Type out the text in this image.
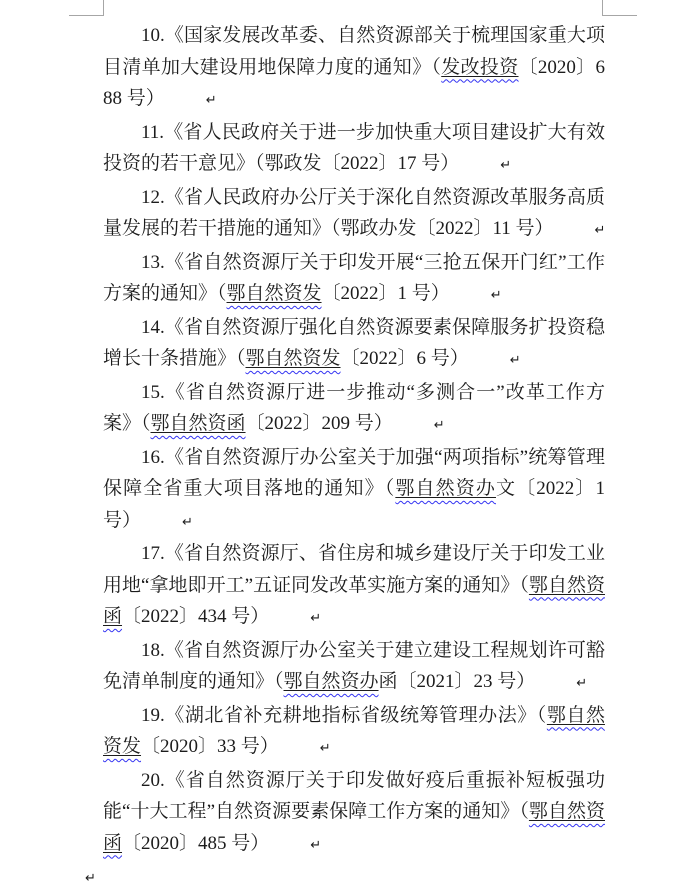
10.《国家发展改革委、自然资源部关于梳理国家重大项目清单加大建设用地保障力度的通知》（发改投资〔2020〕688 号）	↵

11.《省人民政府关于进一步加快重大项目建设扩大有效投资的若干意见》（鄂政发〔2022〕17 号）	↵

12.《省人民政府办公厅关于深化自然资源改革服务高质量发展的若干措施的通知》（鄂政办发〔2022〕11 号）	↵

13.《省自然资源厅关于印发开展“三抢五保开门红”工作方案的通知》（鄂自然资发〔2022〕1 号）	↵

14.《省自然资源厅强化自然资源要素保障服务扩投资稳增长十条措施》（鄂自然资发〔2022〕6 号）	↵

15.《省自然资源厅进一步推动“多测合一”改革工作方案》（鄂自然资函〔2022〕209 号）	↵

16.《省自然资源厅办公室关于加强“两项指标”统筹管理保障全省重大项目落地的通知》（鄂自然资办文〔2022〕1 号）	↵

17.《省自然资源厅、省住房和城乡建设厅关于印发工业用地“拿地即开工”五证同发改革实施方案的通知》（鄂自然资函〔2022〕434 号）	↵

18.《省自然资源厅办公室关于建立建设工程规划许可豁免清单制度的通知》（鄂自然资办函〔2021〕23 号）	↵

19.《湖北省补充耕地指标省级统筹管理办法》（鄂自然资发〔2020〕33 号）	↵

20.《省自然资源厅关于印发做好疫后重振补短板强功能“十大工程”自然资源要素保障工作方案的通知》（鄂自然资函〔2020〕485 号）	↵

↵
